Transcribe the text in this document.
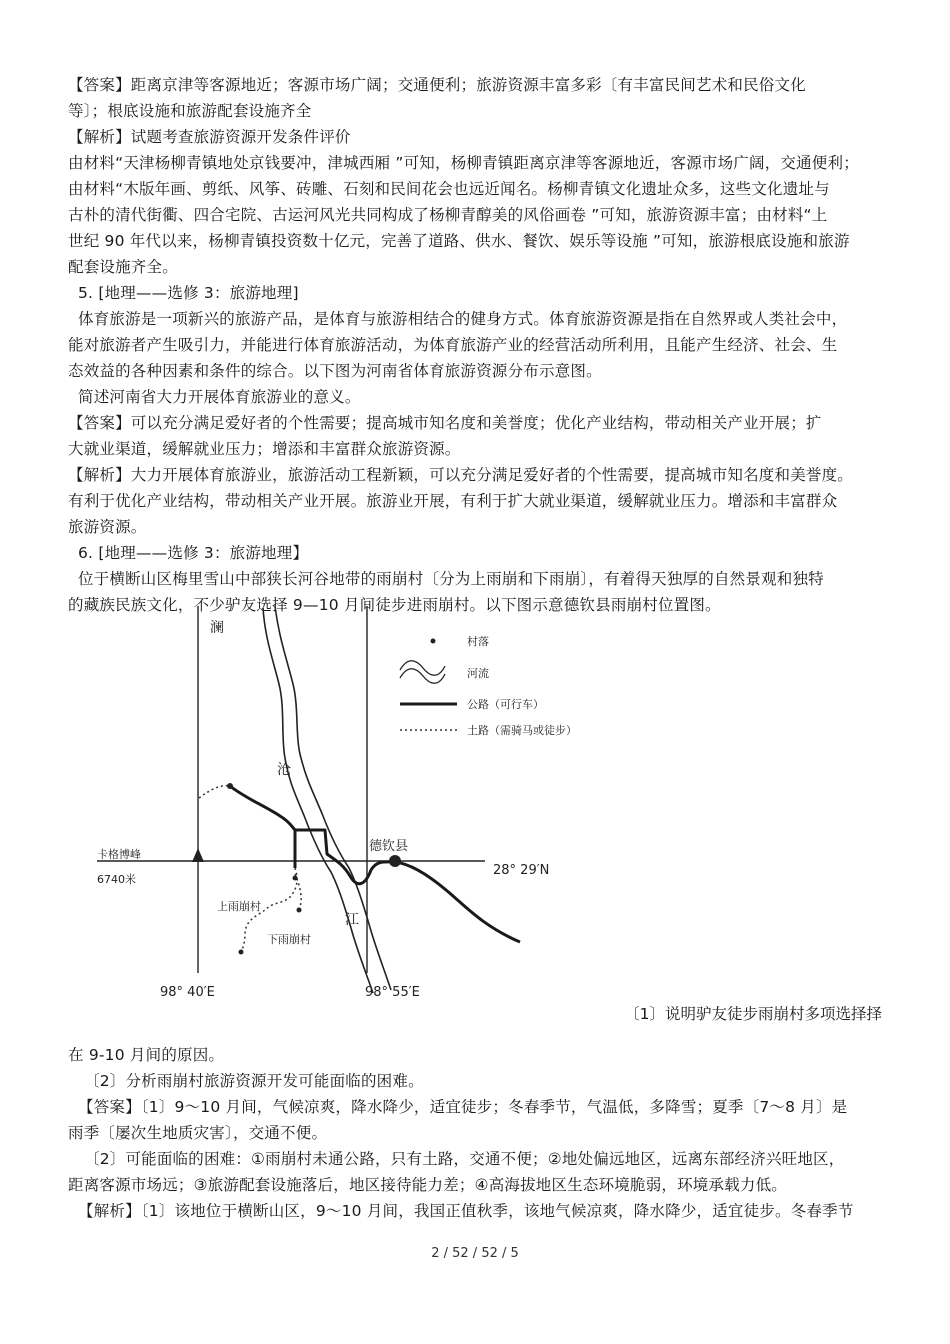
【答案】距离京津等客源地近；客源市场广阔；交通便利；旅游资源丰富多彩〔有丰富民间艺术和民俗文化
等〕；根底设施和旅游配套设施齐全
【解析】试题考查旅游资源开发条件评价
由材料“天津杨柳青镇地处京钱要冲，津城西厢 ”可知，杨柳青镇距离京津等客源地近，客源市场广阔，交通便利；
由材料“木版年画、剪纸、风筝、砖雕、石刻和民间花会也远近闻名。杨柳青镇文化遗址众多，这些文化遗址与
古朴的清代街衢、四合宅院、古运河风光共同构成了杨柳青醇美的风俗画卷 ”可知，旅游资源丰富；由材料“上
世纪 90 年代以来，杨柳青镇投资数十亿元，完善了道路、供水、餐饮、娱乐等设施 ”可知，旅游根底设施和旅游
配套设施齐全。
5. [地理——选修 3：旅游地理]
体育旅游是一项新兴的旅游产品，是体育与旅游相结合的健身方式。体育旅游资源是指在自然界或人类社会中，
能对旅游者产生吸引力，并能进行体育旅游活动，为体育旅游产业的经营活动所利用，且能产生经济、社会、生
态效益的各种因素和条件的综合。以下图为河南省体育旅游资源分布示意图。
简述河南省大力开展体育旅游业的意义。
【答案】可以充分满足爱好者的个性需要；提高城市知名度和美誉度；优化产业结构，带动相关产业开展；扩
大就业渠道，缓解就业压力；增添和丰富群众旅游资源。
【解析】大力开展体育旅游业，旅游活动工程新颖，可以充分满足爱好者的个性需要，提高城市知名度和美誉度。
有利于优化产业结构，带动相关产业开展。旅游业开展，有利于扩大就业渠道，缓解就业压力。增添和丰富群众
旅游资源。
6. [地理——选修 3：旅游地理】
位于横断山区梅里雪山中部狭长河谷地带的雨崩村〔分为上雨崩和下雨崩〕，有着得天独厚的自然景观和独特
的藏族民族文化，不少驴友选择 9—10 月间徒步进雨崩村。以下图示意德钦县雨崩村位置图。
澜
沧
江
德钦县
卡格博峰
6740米
上雨崩村
下雨崩村
28° 29′N
98° 40′E	98° 55′E
村落
河流
公路（可行车）
土路（需骑马或徒步）
〔1〕说明驴友徒步雨崩村多项选择择
在 9-10 月间的原因。
〔2〕分析雨崩村旅游资源开发可能面临的困难。
【答案】〔1〕9～10 月间，气候凉爽，降水降少，适宜徒步；冬春季节，气温低，多降雪；夏季〔7～8 月〕是
雨季〔屡次生地质灾害〕，交通不便。
〔2〕可能面临的困难：①雨崩村未通公路，只有土路，交通不便；②地处偏远地区，远离东部经济兴旺地区，
距离客源市场远；③旅游配套设施落后，地区接待能力差；④高海拔地区生态环境脆弱，环境承载力低。
【解析】〔1〕该地位于横断山区，9～10 月间，我国正值秋季，该地气候凉爽，降水降少，适宜徒步。冬春季节
2 / 52 / 52 / 5
